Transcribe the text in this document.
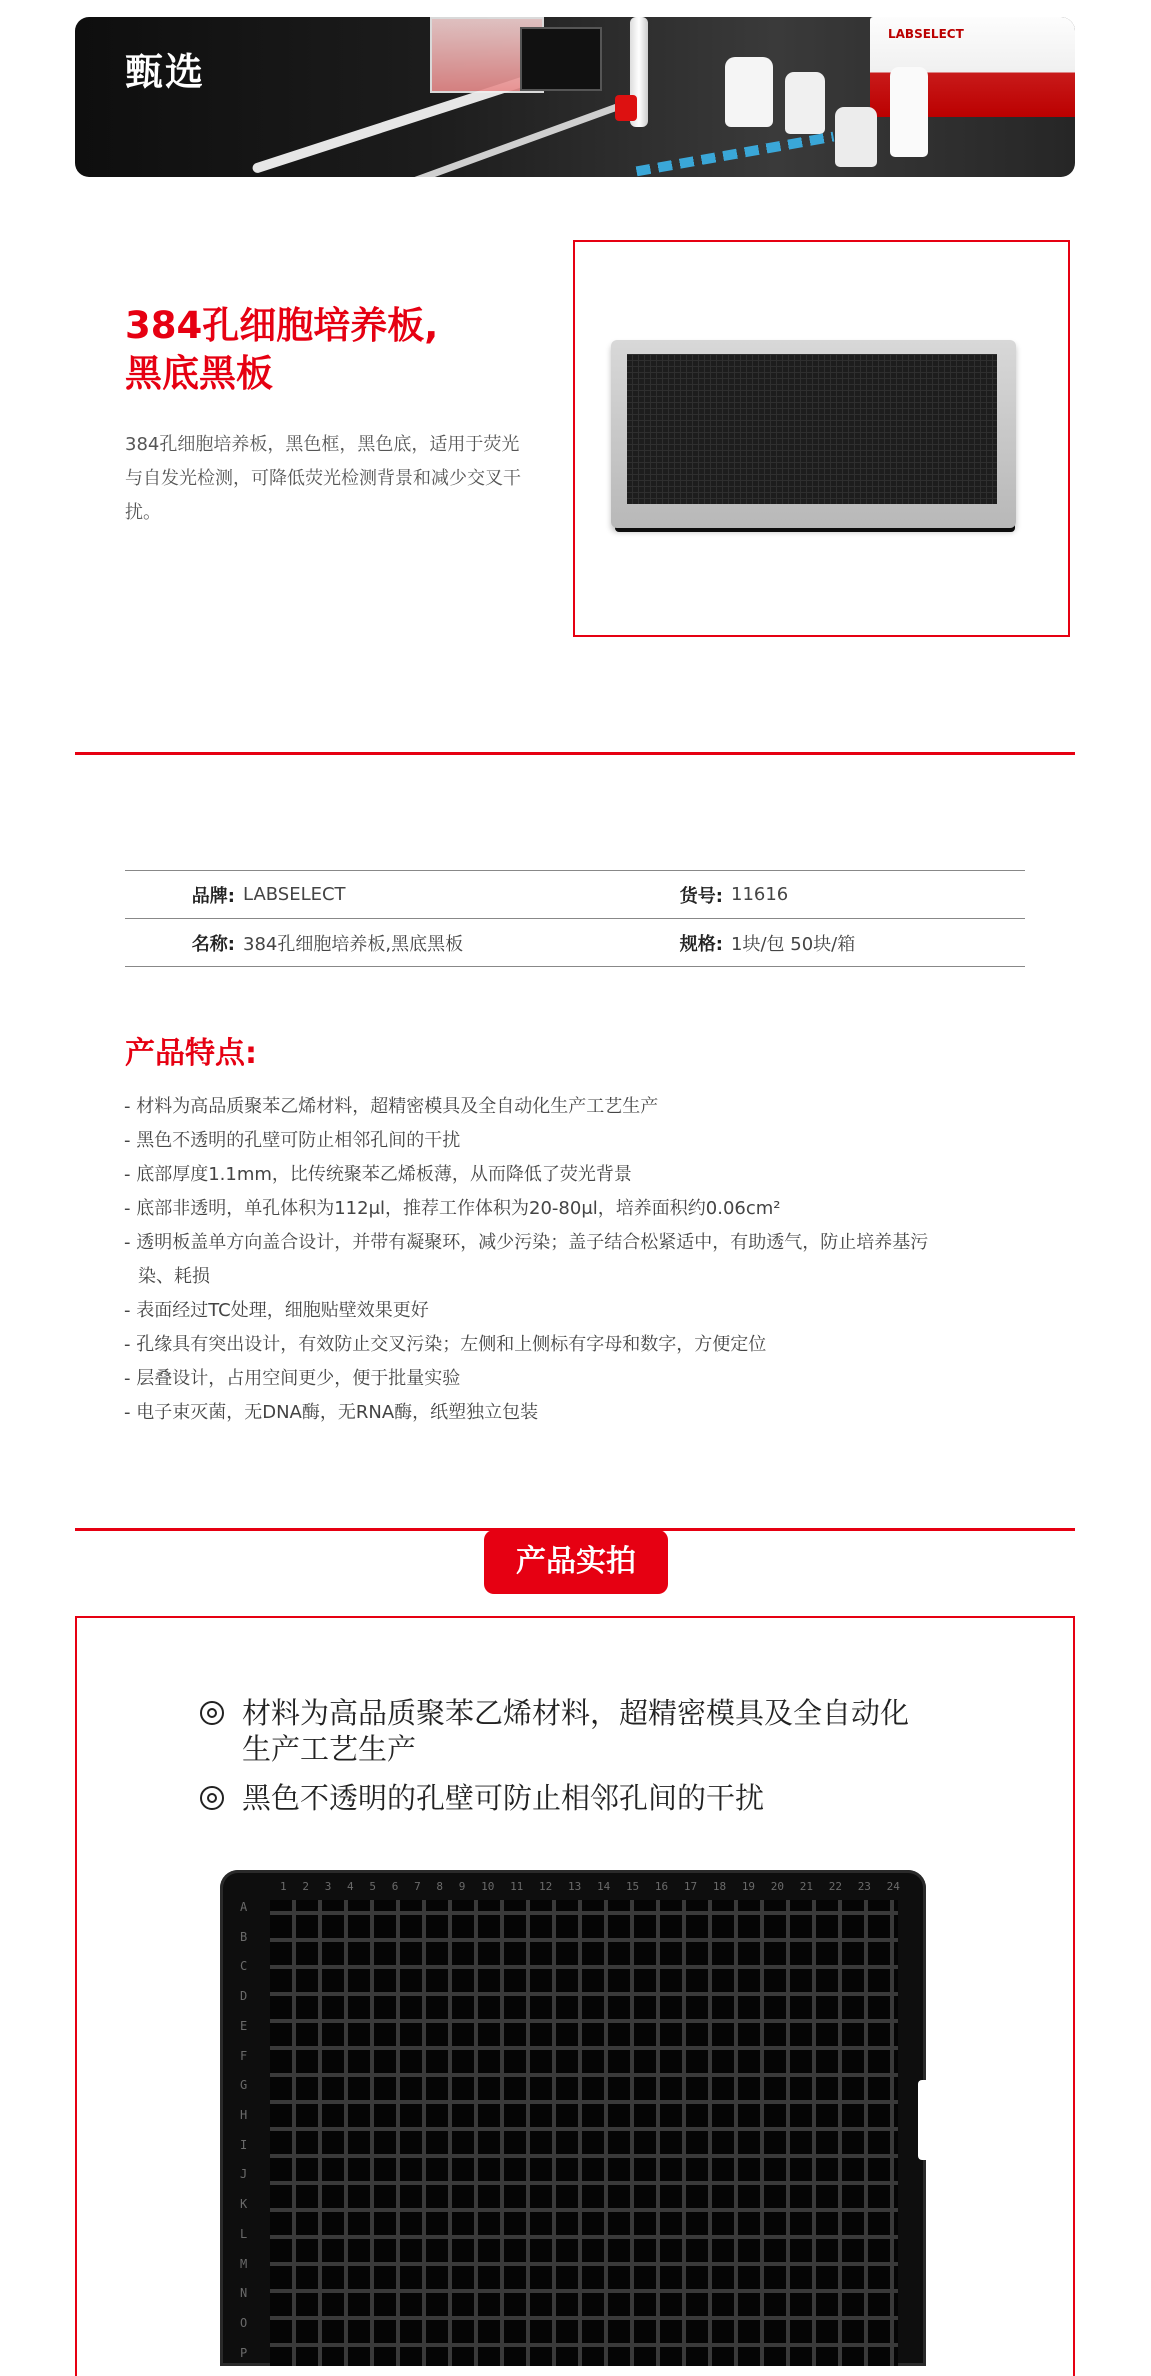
甄选
LABSELECT
384孔细胞培养板,
黑底黑板

384孔细胞培养板，黑色框，黑色底，适用于荧光与自发光检测，可降低荧光检测背景和减少交叉干扰。

品牌:	LABSELECT	货号:	11616
名称:	384孔细胞培养板,黑底黑板	规格:	1块/包 50块/箱
产品特点:
- 材料为高品质聚苯乙烯材料，超精密模具及全自动化生产工艺生产
- 黑色不透明的孔壁可防止相邻孔间的干扰
- 底部厚度1.1mm，比传统聚苯乙烯板薄，从而降低了荧光背景
- 底部非透明，单孔体积为112μl，推荐工作体积为20-80μl，培养面积约0.06cm²
- 透明板盖单方向盖合设计，并带有凝聚环，减少污染；盖子结合松紧适中，有助透气，防止培养基污染、耗损
- 表面经过TC处理，细胞贴壁效果更好
- 孔缘具有突出设计，有效防止交叉污染；左侧和上侧标有字母和数字，方便定位
- 层叠设计，占用空间更少，便于批量实验
- 电子束灭菌，无DNA酶，无RNA酶，纸塑独立包装
产品实拍
材料为高品质聚苯乙烯材料，超精密模具及全自动化生产工艺生产
黑色不透明的孔壁可防止相邻孔间的干扰
1 2 3 4 5 6 7 8 9 10 11 12 13 14 15 16 17 18 19 20 21 22 23 24
A
B
C
D
E
F
G
H
I
J
K
L
M
N
O
P
